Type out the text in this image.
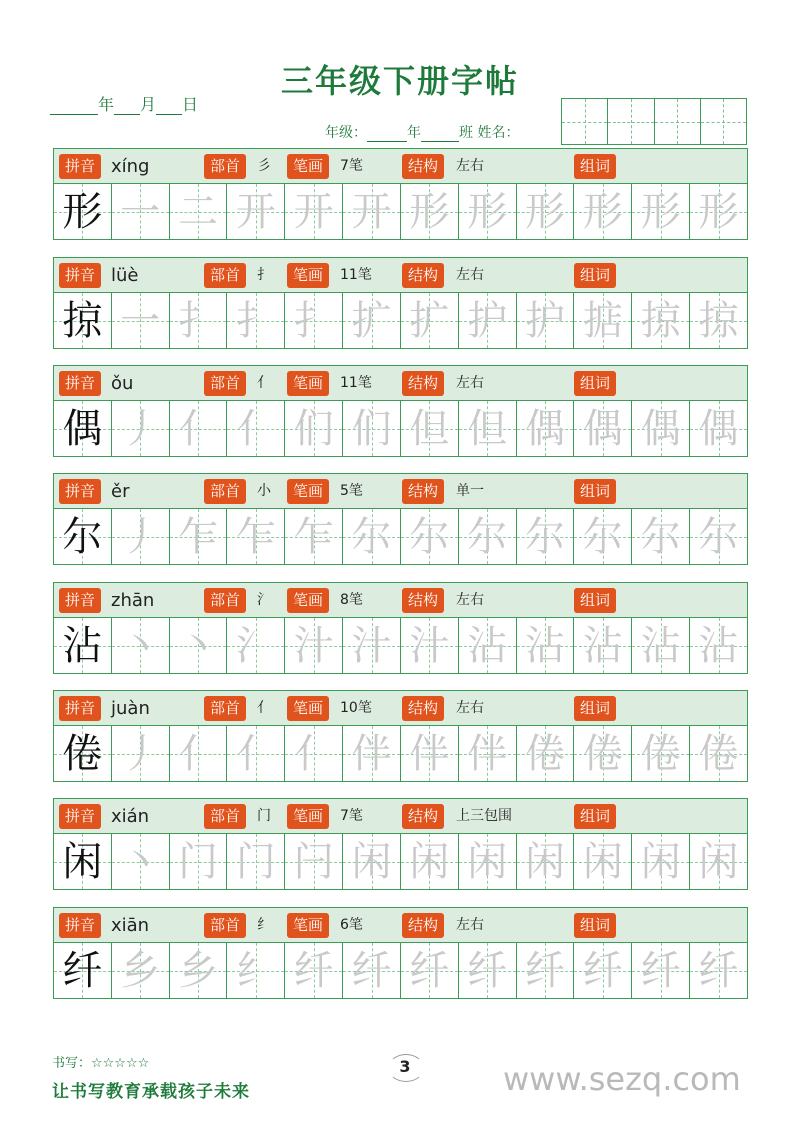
三年级下册字帖
年 月 日
年级：	年	班 姓名：
拼音 xíng	部首	彡	笔画	7笔	结构	左右	组词
形 一 二 开 开 开 形 形 形 形 形 形
拼音 lüè	部首	扌	笔画	11笔	结构	左右	组词
掠 一 扌 扌 扌 扩 扩 护 护 掂 掠 掠
拼音 ǒu	部首	亻	笔画	11笔	结构	左右	组词
偶 丿 亻 亻 们 们 但 但 偶 偶 偶 偶
拼音 ěr	部首	小	笔画	5笔	结构	单一	组词
尔 丿 乍 乍 乍 尔 尔 尔 尔 尔 尔 尔
拼音 zhān	部首	氵	笔画	8笔	结构	左右	组词
沾 丶 丶 氵 汁 汁 汁 沾 沾 沾 沾 沾
拼音 juàn	部首	亻	笔画	10笔	结构	左右	组词
倦 丿 亻 亻 亻 伴 伴 伴 倦 倦 倦 倦
拼音 xián	部首	门	笔画	7笔	结构	上三包围	组词
闲 丶 门 门 闩 闲 闲 闲 闲 闲 闲 闲
拼音 xiān	部首	纟	笔画	6笔	结构	左右	组词
纤 乡 乡 纟 纤 纤 纤 纤 纤 纤 纤 纤
书写：☆☆☆☆☆
让书写教育承载孩子未来
3	www.sezq.com
